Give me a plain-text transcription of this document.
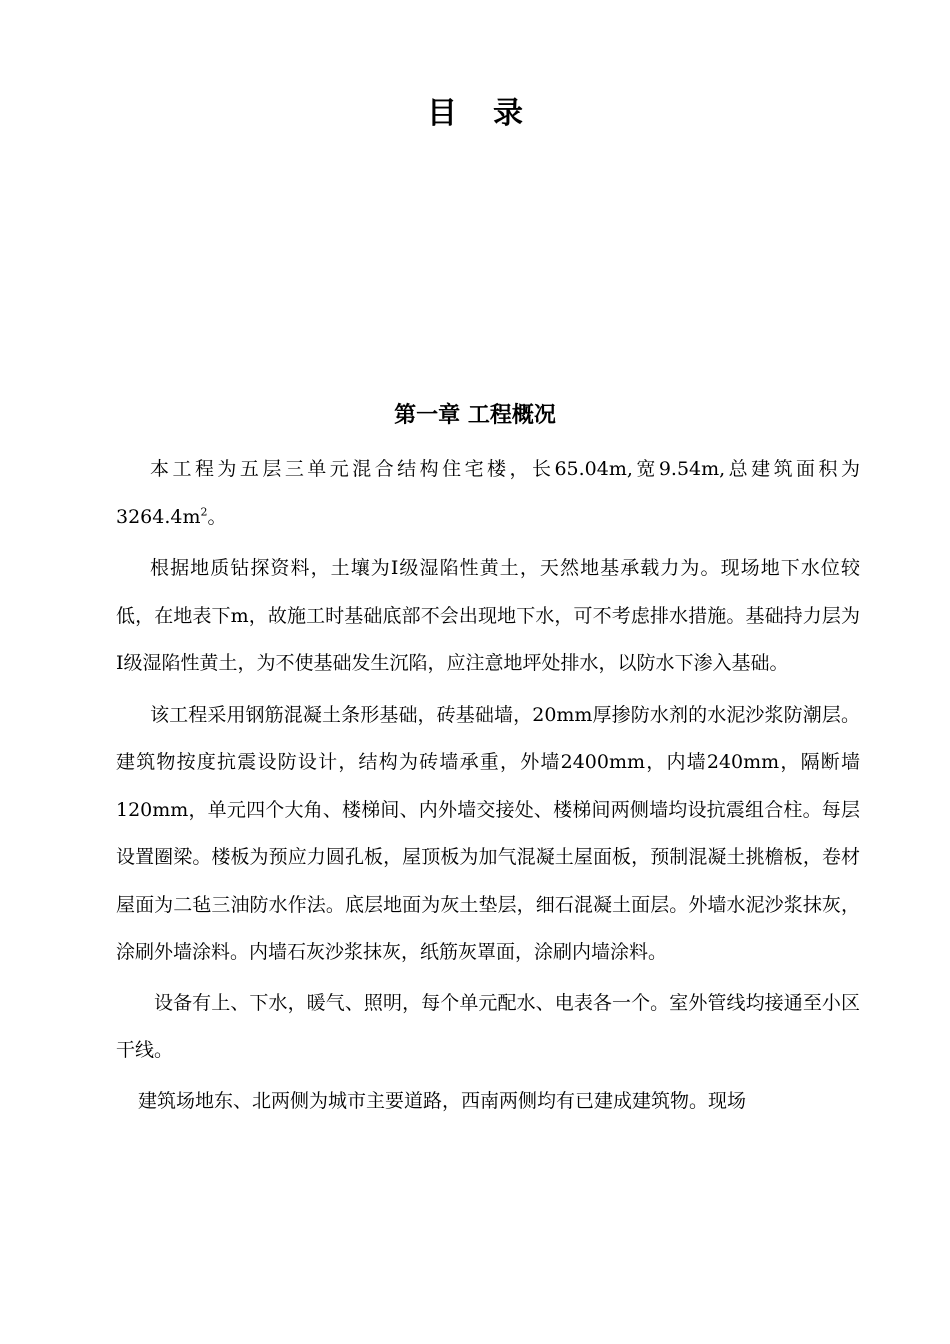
目录
第一章 工程概况

本工程为五层三单元混合结构住宅楼，长65.04m,宽9.54m,总建筑面积为$3264.4m^2$。

根据地质钻探资料，土壤为Ⅰ级湿陷性黄土，天然地基承载力为。现场地下水位较低，在地表下m，故施工时基础底部不会出现地下水，可不考虑排水措施。基础持力层为Ⅰ级湿陷性黄土，为不使基础发生沉陷，应注意地坪处排水，以防水下渗入基础。

该工程采用钢筋混凝土条形基础，砖基础墙，20mm厚掺防水剂的水泥沙浆防潮层。建筑物按度抗震设防设计，结构为砖墙承重，外墙2400mm，内墙240mm，隔断墙120mm，单元四个大角、楼梯间、内外墙交接处、楼梯间两侧墙均设抗震组合柱。每层设置圈梁。楼板为预应力圆孔板，屋顶板为加气混凝土屋面板，预制混凝土挑檐板，卷材屋面为二毡三油防水作法。底层地面为灰土垫层，细石混凝土面层。外墙水泥沙浆抹灰，涂刷外墙涂料。内墙石灰沙浆抹灰，纸筋灰罩面，涂刷内墙涂料。

设备有上、下水，暖气、照明，每个单元配水、电表各一个。室外管线均接通至小区干线。

建筑场地东、北两侧为城市主要道路，西南两侧均有已建成建筑物。现场
